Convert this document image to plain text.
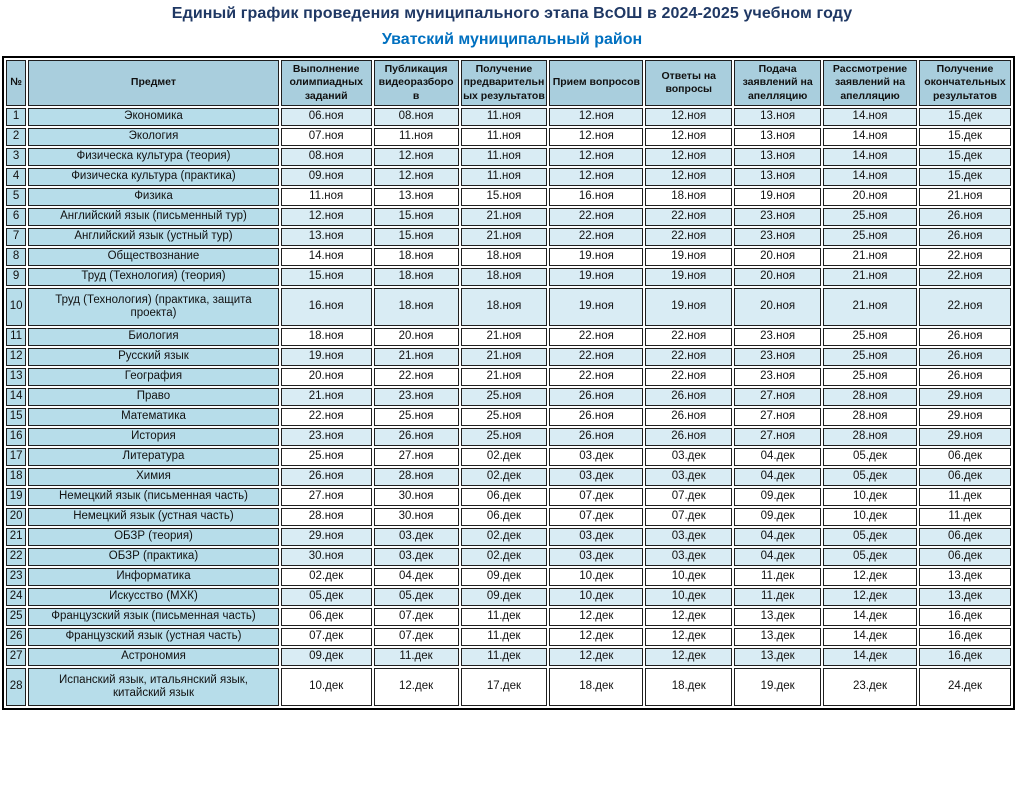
Единый график проведения муниципального этапа ВсОШ в 2024-2025 учебном году
Уватский муниципальный район
№	Предмет	Выполнение олимпиадных заданий	Публикация видеоразборов	Получение предварительных результатов	Прием вопросов	Ответы на вопросы	Подача заявлений на апелляцию	Рассмотрение заявлений на апелляцию	Получение окончательных результатов
1	Экономика	06.ноя	08.ноя	11.ноя	12.ноя	12.ноя	13.ноя	14.ноя	15.дек
2	Экология	07.ноя	11.ноя	11.ноя	12.ноя	12.ноя	13.ноя	14.ноя	15.дек
3	Физическа культура (теория)	08.ноя	12.ноя	11.ноя	12.ноя	12.ноя	13.ноя	14.ноя	15.дек
4	Физическа культура (практика)	09.ноя	12.ноя	11.ноя	12.ноя	12.ноя	13.ноя	14.ноя	15.дек
5	Физика	11.ноя	13.ноя	15.ноя	16.ноя	18.ноя	19.ноя	20.ноя	21.ноя
6	Английский язык (письменный тур)	12.ноя	15.ноя	21.ноя	22.ноя	22.ноя	23.ноя	25.ноя	26.ноя
7	Английский язык (устный тур)	13.ноя	15.ноя	21.ноя	22.ноя	22.ноя	23.ноя	25.ноя	26.ноя
8	Обществознание	14.ноя	18.ноя	18.ноя	19.ноя	19.ноя	20.ноя	21.ноя	22.ноя
9	Труд (Технология) (теория)	15.ноя	18.ноя	18.ноя	19.ноя	19.ноя	20.ноя	21.ноя	22.ноя
10	Труд (Технология) (практика, защита проекта)	16.ноя	18.ноя	18.ноя	19.ноя	19.ноя	20.ноя	21.ноя	22.ноя
11	Биология	18.ноя	20.ноя	21.ноя	22.ноя	22.ноя	23.ноя	25.ноя	26.ноя
12	Русский язык	19.ноя	21.ноя	21.ноя	22.ноя	22.ноя	23.ноя	25.ноя	26.ноя
13	География	20.ноя	22.ноя	21.ноя	22.ноя	22.ноя	23.ноя	25.ноя	26.ноя
14	Право	21.ноя	23.ноя	25.ноя	26.ноя	26.ноя	27.ноя	28.ноя	29.ноя
15	Математика	22.ноя	25.ноя	25.ноя	26.ноя	26.ноя	27.ноя	28.ноя	29.ноя
16	История	23.ноя	26.ноя	25.ноя	26.ноя	26.ноя	27.ноя	28.ноя	29.ноя
17	Литература	25.ноя	27.ноя	02.дек	03.дек	03.дек	04.дек	05.дек	06.дек
18	Химия	26.ноя	28.ноя	02.дек	03.дек	03.дек	04.дек	05.дек	06.дек
19	Немецкий язык (письменная часть)	27.ноя	30.ноя	06.дек	07.дек	07.дек	09.дек	10.дек	11.дек
20	Немецкий язык (устная часть)	28.ноя	30.ноя	06.дек	07.дек	07.дек	09.дек	10.дек	11.дек
21	ОБЗР (теория)	29.ноя	03.дек	02.дек	03.дек	03.дек	04.дек	05.дек	06.дек
22	ОБЗР (практика)	30.ноя	03.дек	02.дек	03.дек	03.дек	04.дек	05.дек	06.дек
23	Информатика	02.дек	04.дек	09.дек	10.дек	10.дек	11.дек	12.дек	13.дек
24	Искусство (МХК)	05.дек	05.дек	09.дек	10.дек	10.дек	11.дек	12.дек	13.дек
25	Французский язык (письменная часть)	06.дек	07.дек	11.дек	12.дек	12.дек	13.дек	14.дек	16.дек
26	Французский язык (устная часть)	07.дек	07.дек	11.дек	12.дек	12.дек	13.дек	14.дек	16.дек
27	Астрономия	09.дек	11.дек	11.дек	12.дек	12.дек	13.дек	14.дек	16.дек
28	Испанский язык, итальянский язык, китайский язык	10.дек	12.дек	17.дек	18.дек	18.дек	19.дек	23.дек	24.дек
